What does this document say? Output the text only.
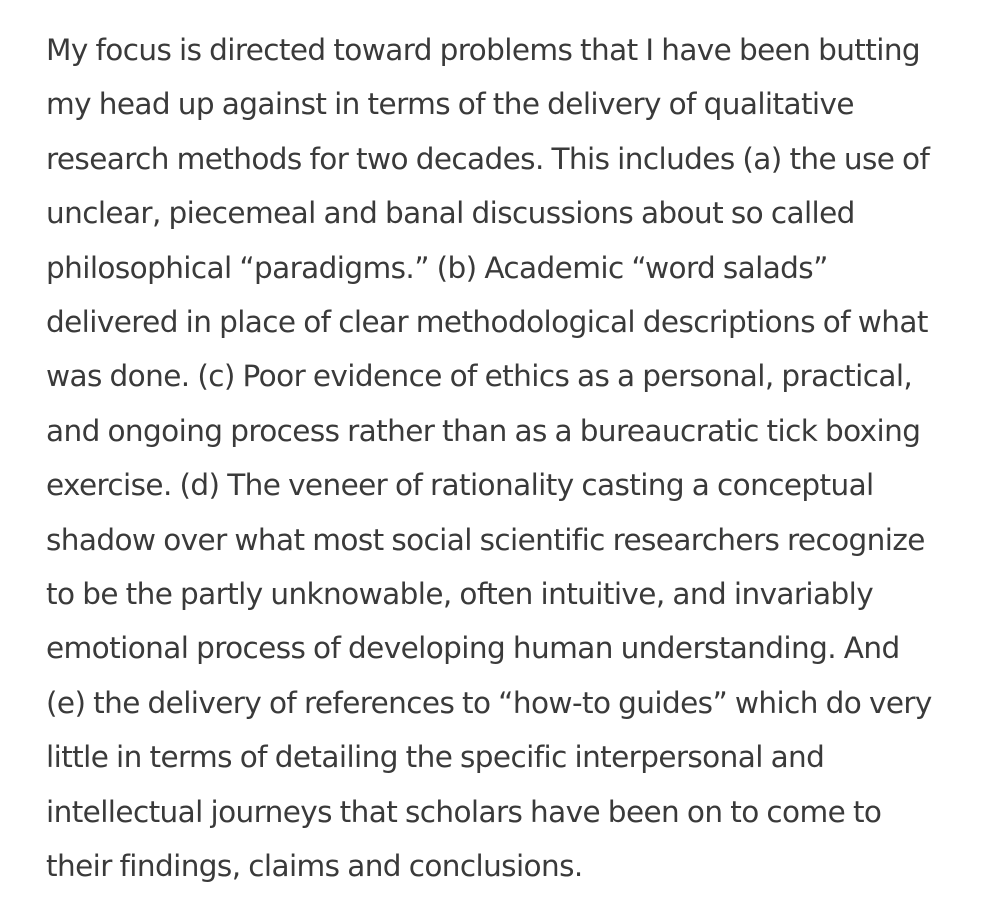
My focus is directed toward problems that I have been butting
my head up against in terms of the delivery of qualitative
research methods for two decades. This includes (a) the use of
unclear, piecemeal and banal discussions about so called
philosophical “paradigms.” (b) Academic “word salads”
delivered in place of clear methodological descriptions of what
was done. (c) Poor evidence of ethics as a personal, practical,
and ongoing process rather than as a bureaucratic tick boxing
exercise. (d) The veneer of rationality casting a conceptual
shadow over what most social scientific researchers recognize
to be the partly unknowable, often intuitive, and invariably
emotional process of developing human understanding. And
(e) the delivery of references to “how-to guides” which do very
little in terms of detailing the specific interpersonal and
intellectual journeys that scholars have been on to come to
their findings, claims and conclusions.
